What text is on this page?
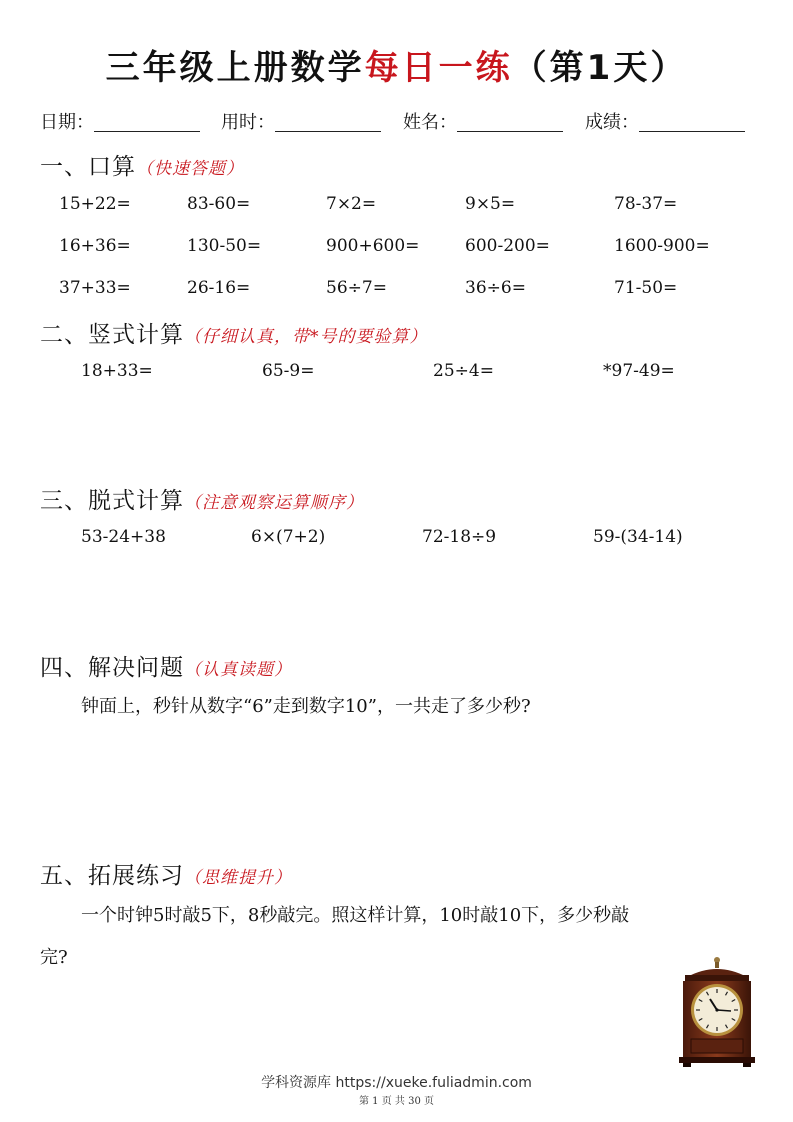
三年级上册数学每日一练（第1天）
日期：	用时：	姓名：	成绩：
一、口算（快速答题）
15+22=	83-60=	7×2=	9×5=	78-37=
16+36=	130-50=	900+600=	600-200=	1600-900=
37+33=	26-16=	56÷7=	36÷6=	71-50=
二、竖式计算（仔细认真，带*号的要验算）
18+33=	65-9=	25÷4=	*97-49=
三、脱式计算（注意观察运算顺序）
53-24+38	6×(7+2)	72-18÷9	59-(34-14)
四、解决问题（认真读题）
钟面上，秒针从数字“6”走到数字10”，一共走了多少秒?
五、拓展练习（思维提升）
一个时钟5时敲5下，8秒敲完。照这样计算，10时敲10下，多少秒敲
完?
学科资源库 https://xueke.fuliadmin.com
第 1 页 共 30 页
